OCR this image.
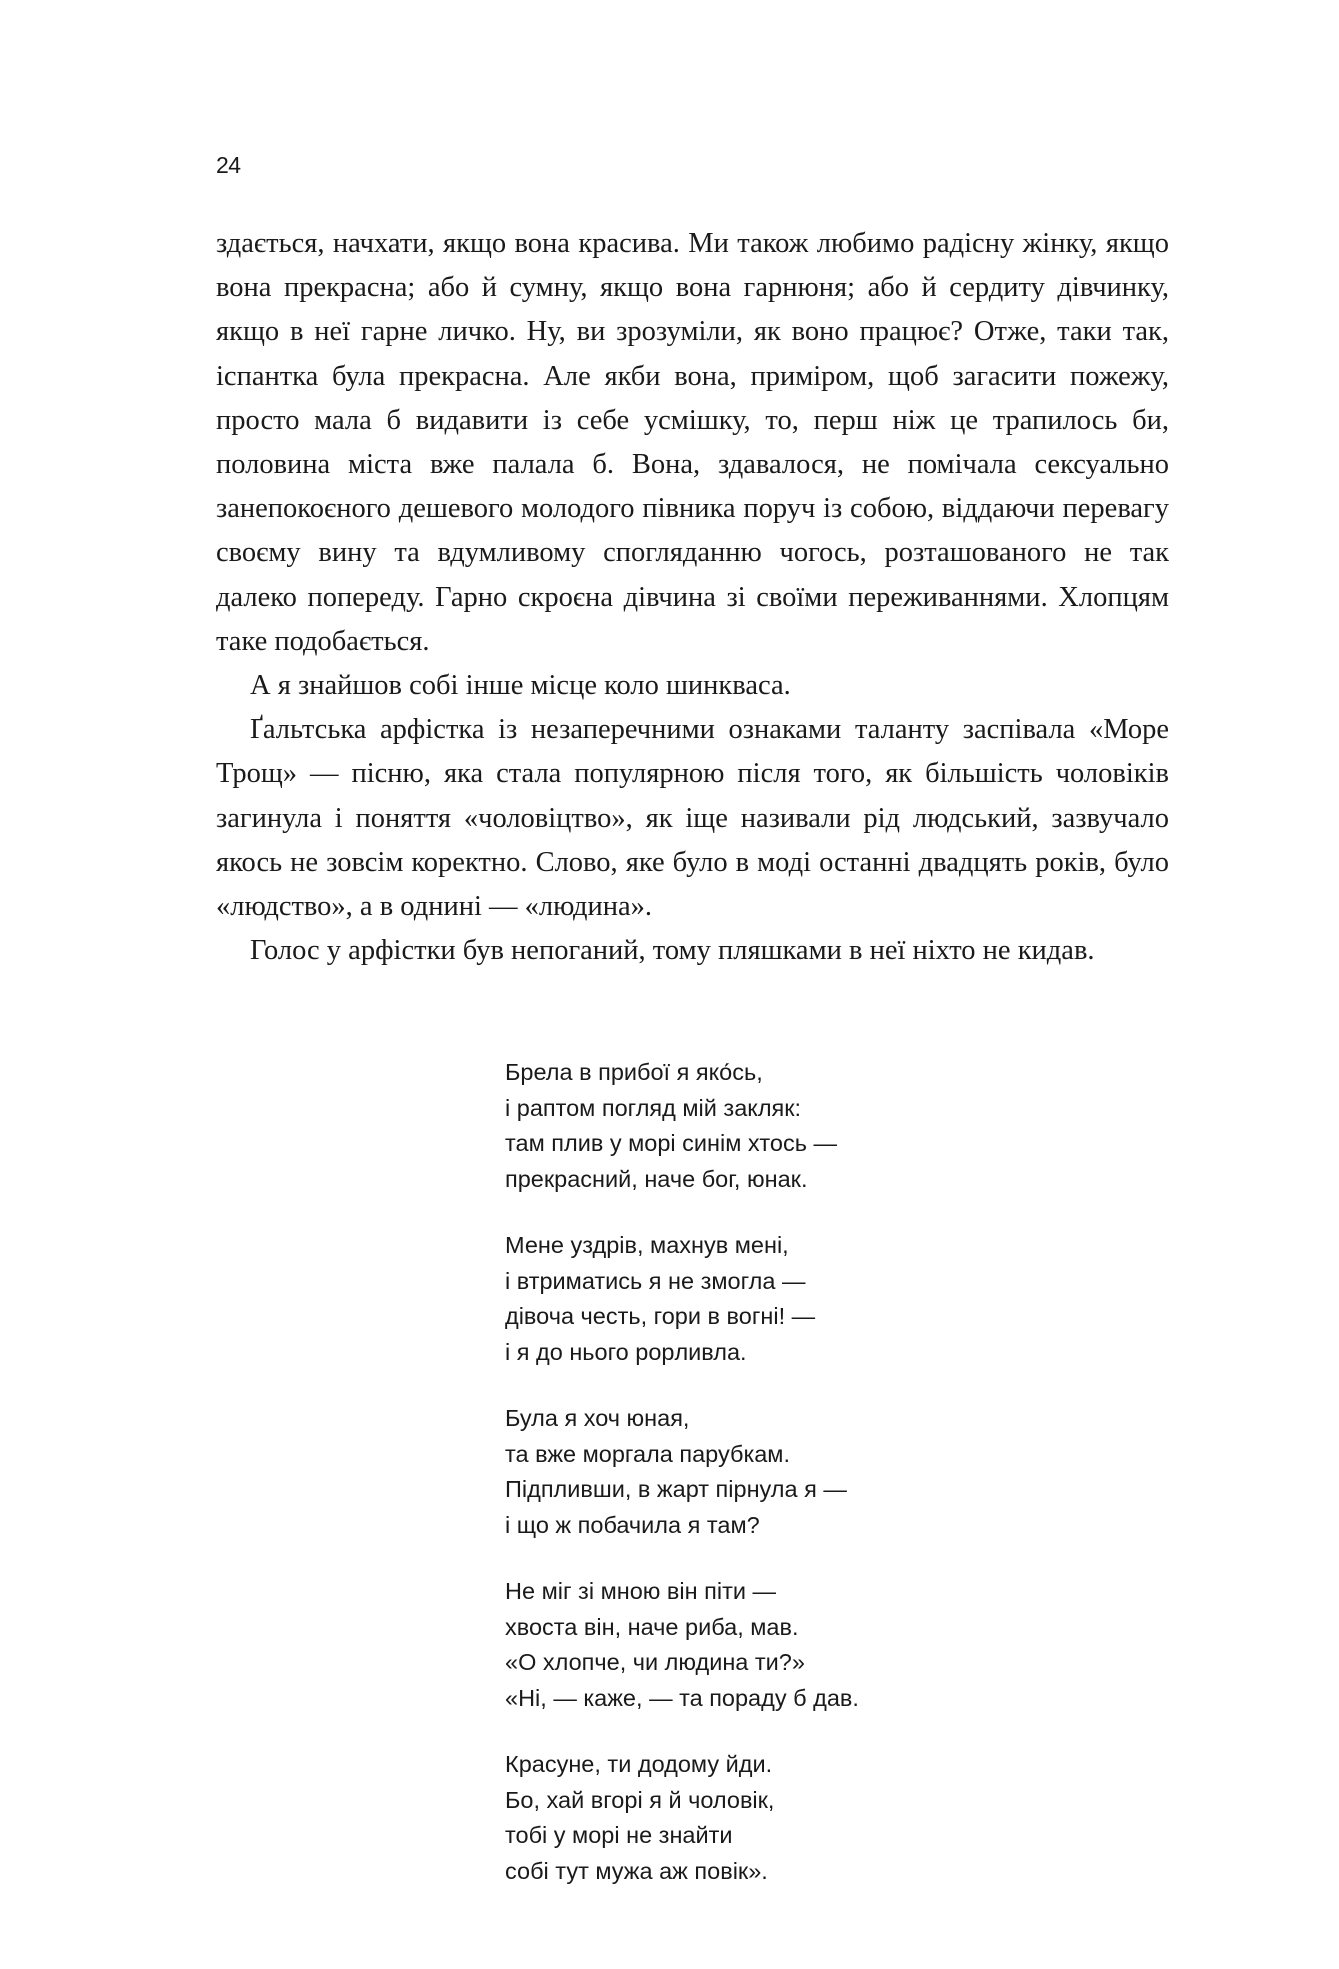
24

здається, начхати, якщо вона красива. Ми також любимо радісну жінку, якщо вона прекрасна; або й сумну, якщо вона гарнюня; або й сердиту дівчинку, якщо в неї гарне личко. Ну, ви зрозуміли, як воно працює? Отже, таки так, іспантка була прекрасна. Але якби вона, приміром, щоб загасити пожежу, просто мала б видавити із себе усмішку, то, перш ніж це трапилось би, половина міста вже палала б. Вона, здавалося, не помічала сексуально занепокоєного дешевого молодого півника поруч із собою, віддаючи перевагу своєму вину та вдумливому спогляданню чогось, розташованого не так далеко попереду. Гарно скроєна дівчина зі своїми переживаннями. Хлопцям таке подобається.

А я знайшов собі інше місце коло шинкваса.

Ґальтська арфістка із незаперечними ознаками таланту заспівала «Море Трощ» — пісню, яка стала популярною після того, як більшість чоловіків загинула і поняття «чоловіцтво», як іще називали рід людський, зазвучало якось не зовсім коректно. Слово, яке було в моді останні двадцять років, було «людство», а в однині — «людина».

Голос у арфістки був непоганий, тому пляшками в неї ніхто не кидав.

Брела в прибої я яко́сь,
і раптом погляд мій закляк:
там плив у морі синім хтось —
прекрасний, наче бог, юнак.
Мене уздрів, махнув мені,
і втриматись я не змогла —
дівоча честь, гори в вогні! —
і я до нього popливла.
Була я хоч юная,
та вже моргала парубкам.
Підпливши, в жарт пірнула я —
і що ж побачила я там?
Не міг зі мною він піти —
хвоста він, наче риба, мав.
«О хлопче, чи людина ти?»
«Ні, — каже, — та пораду б дав.
Красуне, ти додому йди.
Бо, хай вгорі я й чоловік,
тобі у морі не знайти
собі тут мужа аж повік».
